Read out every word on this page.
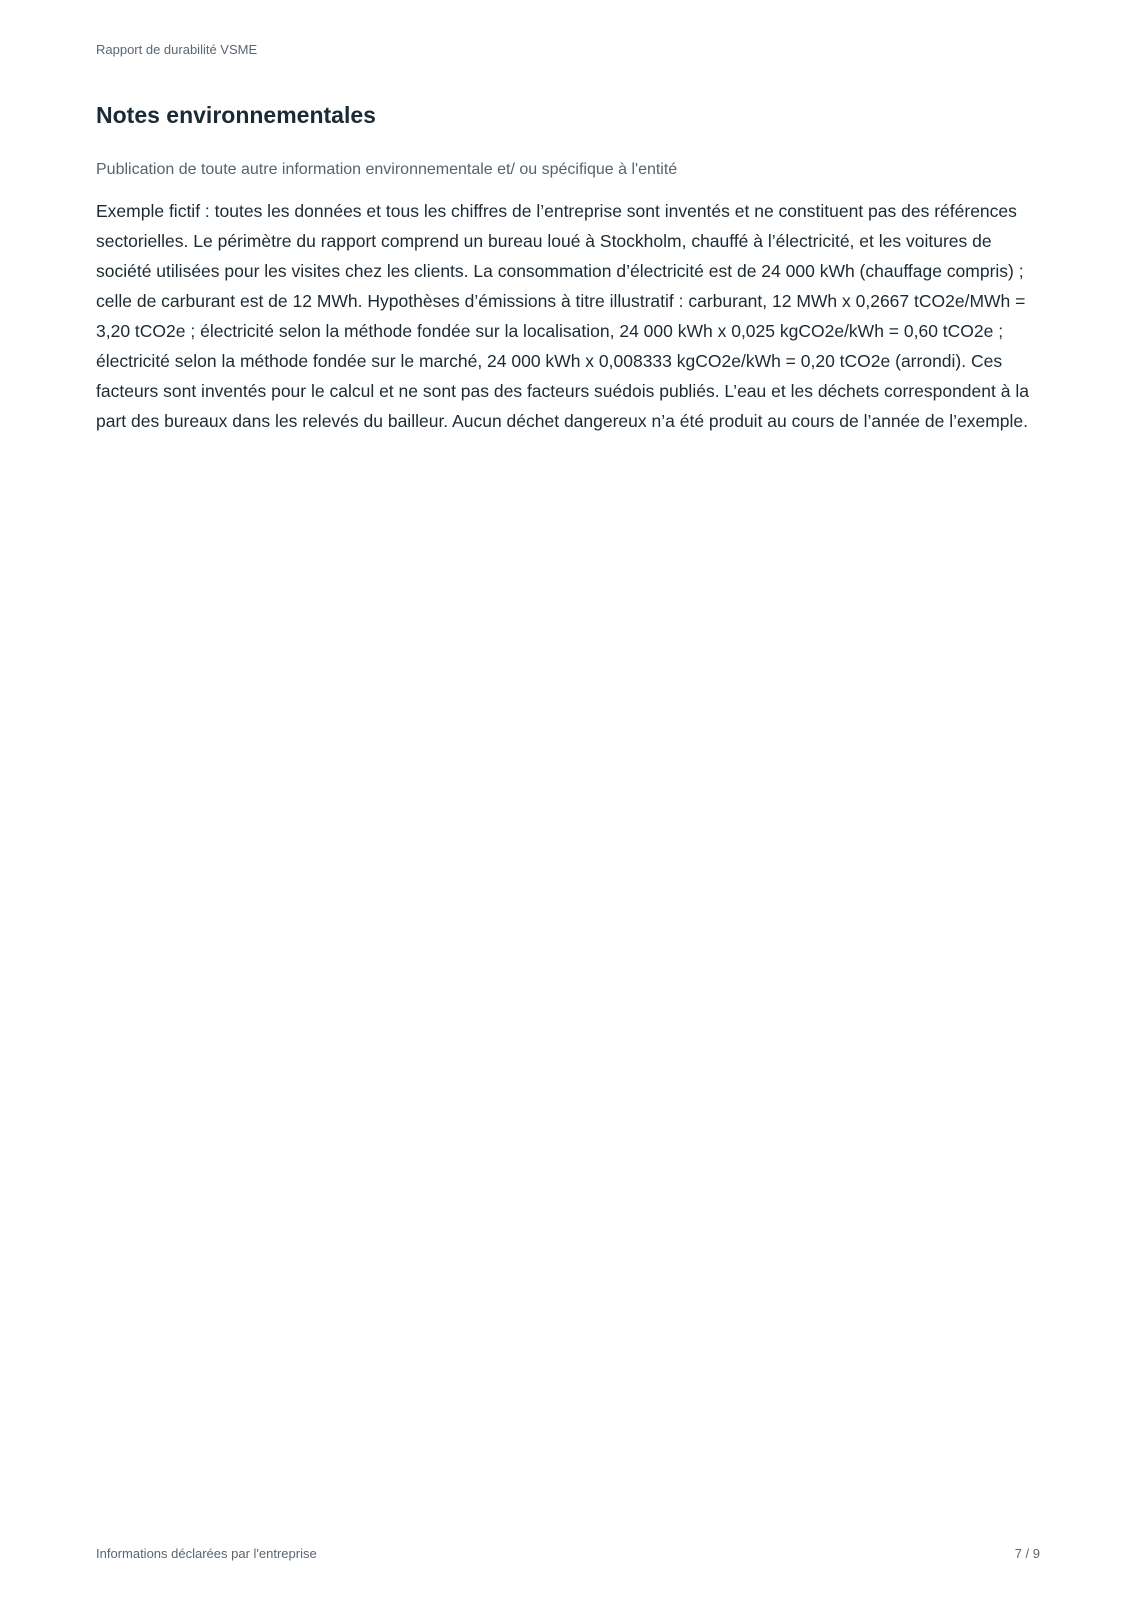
Rapport de durabilité VSME
Notes environnementales

Publication de toute autre information environnementale et/ ou spécifique à l'entité

Exemple fictif : toutes les données et tous les chiffres de l’entreprise sont inventés et ne constituent pas des références sectorielles. Le périmètre du rapport comprend un bureau loué à Stockholm, chauffé à l’électricité, et les voitures de société utilisées pour les visites chez les clients. La consommation d’électricité est de 24 000 kWh (chauffage compris) ; celle de carburant est de 12 MWh. Hypothèses d’émissions à titre illustratif : carburant, 12 MWh x 0,2667 tCO2e/MWh = 3,20 tCO2e ; électricité selon la méthode fondée sur la localisation, 24 000 kWh x 0,025 kgCO2e/kWh = 0,60 tCO2e ; électricité selon la méthode fondée sur le marché, 24 000 kWh x 0,008333 kgCO2e/kWh = 0,20 tCO2e (arrondi). Ces facteurs sont inventés pour le calcul et ne sont pas des facteurs suédois publiés. L’eau et les déchets correspondent à la part des bureaux dans les relevés du bailleur. Aucun déchet dangereux n’a été produit au cours de l’année de l’exemple.

Informations déclarées par l'entreprise	7 / 9
